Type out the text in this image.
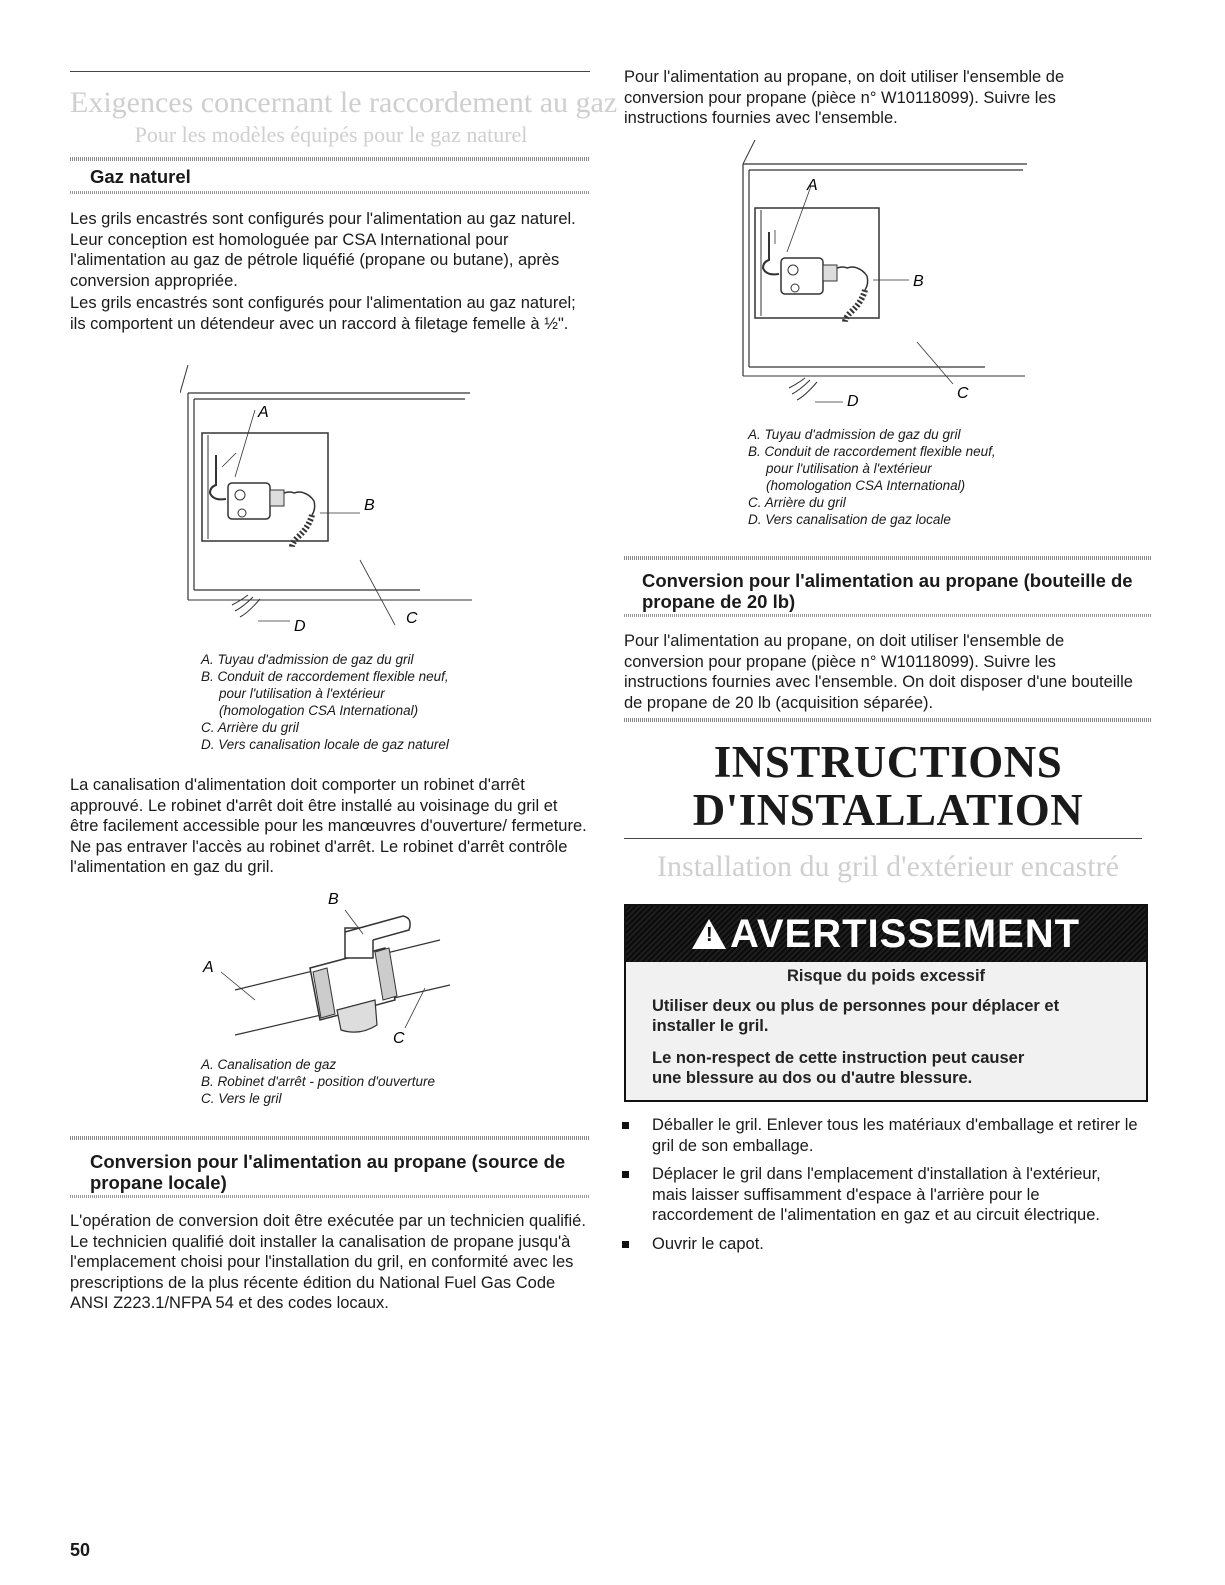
Exigences concernant le raccordement au gaz
Pour les modèles équipés pour le gaz naturel
Gaz naturel

Les grils encastrés sont configurés pour l'alimentation au gaz naturel. Leur conception est homologuée par CSA International pour l'alimentation au gaz de pétrole liquéfié (propane ou butane), après conversion appropriée.

Les grils encastrés sont configurés pour l'alimentation au gaz naturel; ils comportent un détendeur avec un raccord à filetage femelle à ½".

A
B
C
D
A. Tuyau d'admission de gaz du gril
B. Conduit de raccordement flexible neuf,
pour l'utilisation à l'extérieur
(homologation CSA International)
C. Arrière du gril
D. Vers canalisation locale de gaz naturel

La canalisation d'alimentation doit comporter un robinet d'arrêt approuvé. Le robinet d'arrêt doit être installé au voisinage du gril et être facilement accessible pour les manœuvres d'ouverture/ fermeture. Ne pas entraver l'accès au robinet d'arrêt. Le robinet d'arrêt contrôle l'alimentation en gaz du gril.

B
A
C
A. Canalisation de gaz
B. Robinet d'arrêt - position d'ouverture
C. Vers le gril
Conversion pour l'alimentation au propane (source de
propane locale)

L'opération de conversion doit être exécutée par un technicien qualifié. Le technicien qualifié doit installer la canalisation de propane jusqu'à l'emplacement choisi pour l'installation du gril, en conformité avec les prescriptions de la plus récente édition du National Fuel Gas Code ANSI Z223.1/NFPA 54 et des codes locaux.

50

Pour l'alimentation au propane, on doit utiliser l'ensemble de conversion pour propane (pièce n° W10118099). Suivre les instructions fournies avec l'ensemble.

A
B
C
D
A. Tuyau d'admission de gaz du gril
B. Conduit de raccordement flexible neuf,
pour l'utilisation à l'extérieur
(homologation CSA International)
C. Arrière du gril
D. Vers canalisation de gaz locale
Conversion pour l'alimentation au propane (bouteille de
propane de 20 lb)

Pour l'alimentation au propane, on doit utiliser l'ensemble de conversion pour propane (pièce n° W10118099). Suivre les instructions fournies avec l'ensemble. On doit disposer d'une bouteille de propane de 20 lb (acquisition séparée).

INSTRUCTIONS
D'INSTALLATION
Installation du gril d'extérieur encastré
! AVERTISSEMENT
Risque du poids excessif
Utiliser deux ou plus de personnes pour déplacer et
installer le gril.
Le non-respect de cette instruction peut causer
une blessure au dos ou d'autre blessure.
Déballer le gril. Enlever tous les matériaux d'emballage et retirer le gril de son emballage.
Déplacer le gril dans l'emplacement d'installation à l'extérieur, mais laisser suffisamment d'espace à l'arrière pour le raccordement de l'alimentation en gaz et au circuit électrique.
Ouvrir le capot.
